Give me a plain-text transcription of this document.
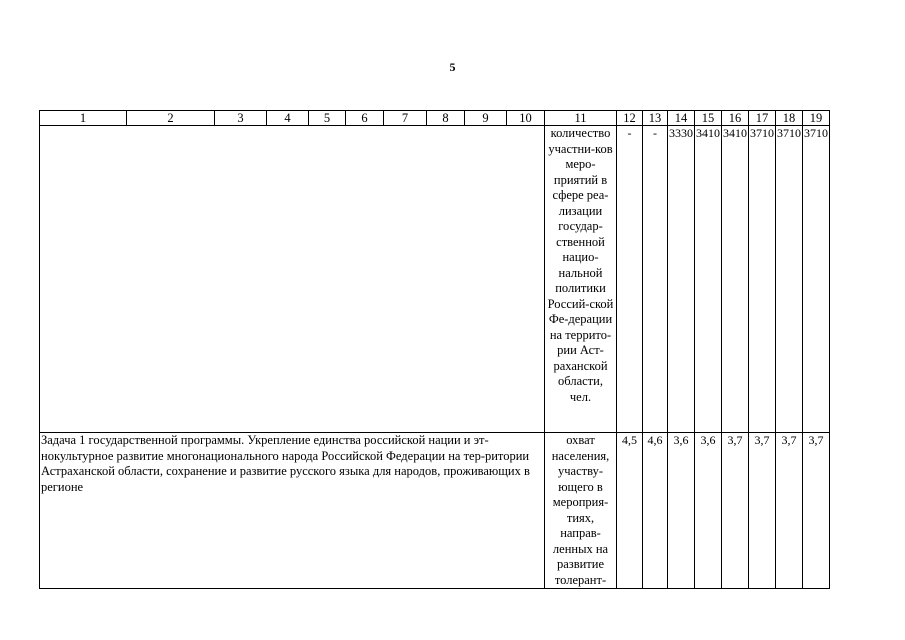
5
1	2	3	4	5	6	7	8	9	10	11	12	13	14	15	16	17	18	19
										количество участни-ков меро-приятий в сфере реа-лизации государ-ственной нацио-нальной политики Россий-ской Фе-дерации на террито-рии Аст-раханской области, чел.	-	-	3330	3410	3410	3710	3710	3710
Задача 1 государственной программы. Укрепление единства российской нации и эт-нокультурное развитие многонационального народа Российской Федерации на тер-ритории Астраханской области, сохранение и развитие русского языка для народов, проживающих в регионе										охват населения, участву-ющего в мероприя-тиях, направ-ленных на развитие толерант-	4,5	4,6	3,6	3,6	3,7	3,7	3,7	3,7
